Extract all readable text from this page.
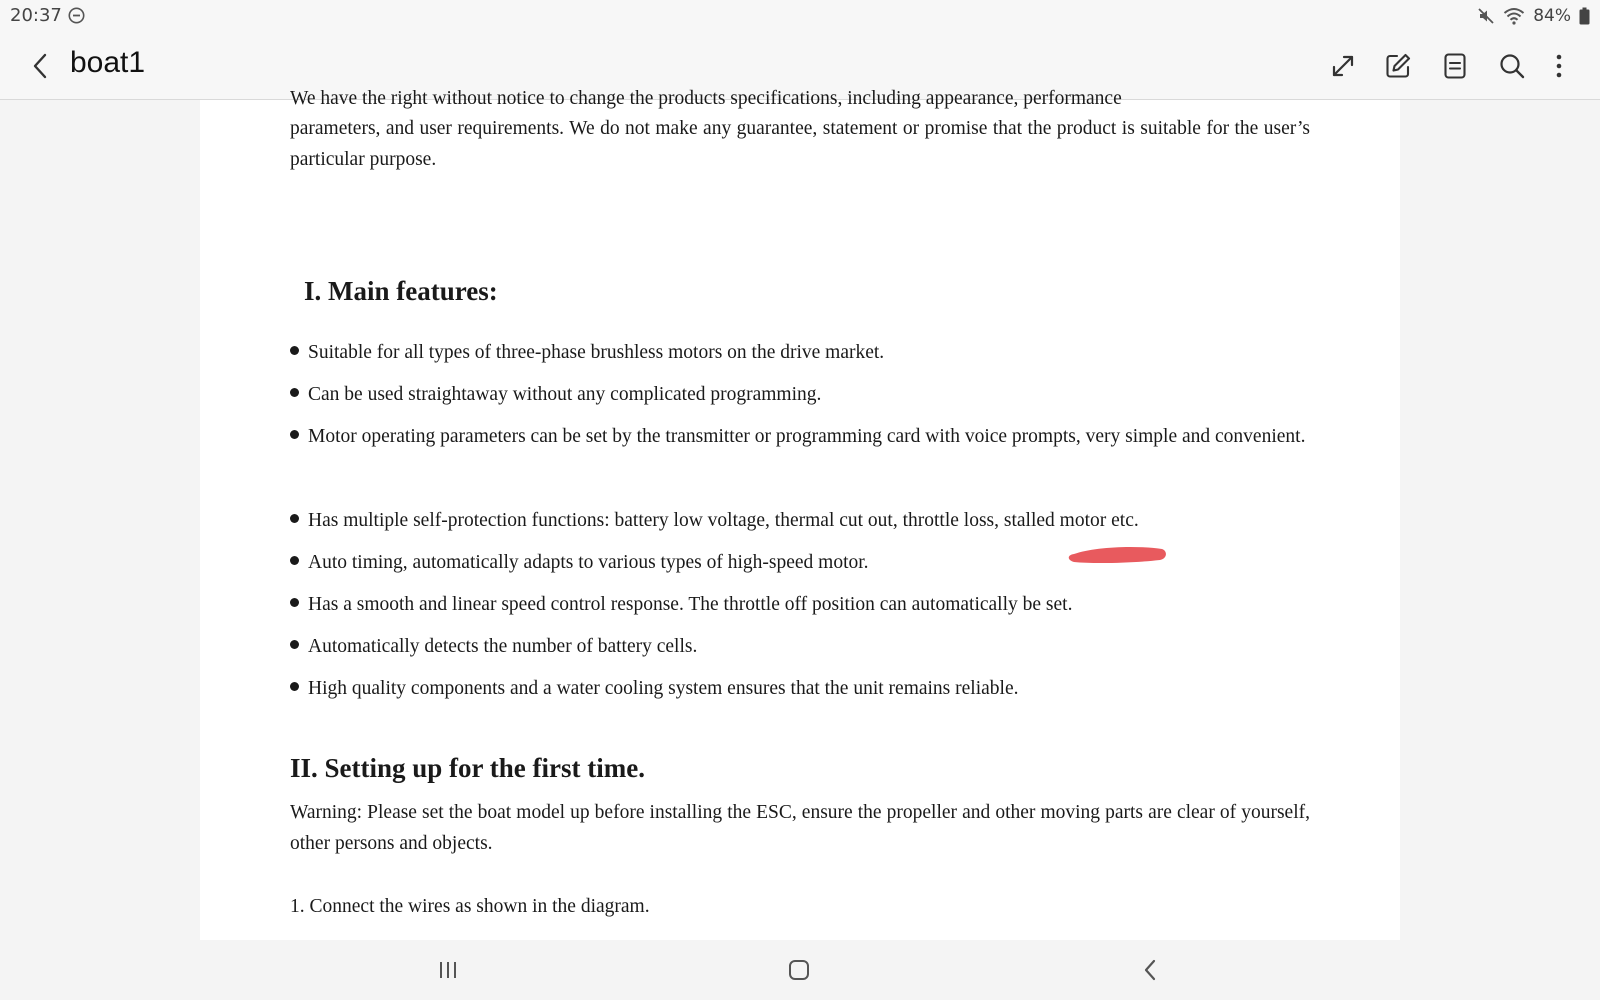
20:37	84%
boat1
We have the right without notice to change the products specifications, including appearance, performance
parameters, and user requirements. We do not make any guarantee, statement or promise that the product is suitable for the user’s particular purpose.
I. Main features:
Suitable for all types of three-phase brushless motors on the drive market.
Can be used straightaway without any complicated programming.
Motor operating parameters can be set by the transmitter or programming card with voice prompts, very simple and convenient.
Has multiple self-protection functions: battery low voltage, thermal cut out, throttle loss, stalled motor etc.
Auto timing, automatically adapts to various types of high-speed motor.
Has a smooth and linear speed control response. The throttle off position can automatically be set.
Automatically detects the number of battery cells.
High quality components and a water cooling system ensures that the unit remains reliable.
II. Setting up for the first time.
Warning: Please set the boat model up before installing the ESC, ensure the propeller and other moving parts are clear of yourself, other persons and objects.
1. Connect the wires as shown in the diagram.
